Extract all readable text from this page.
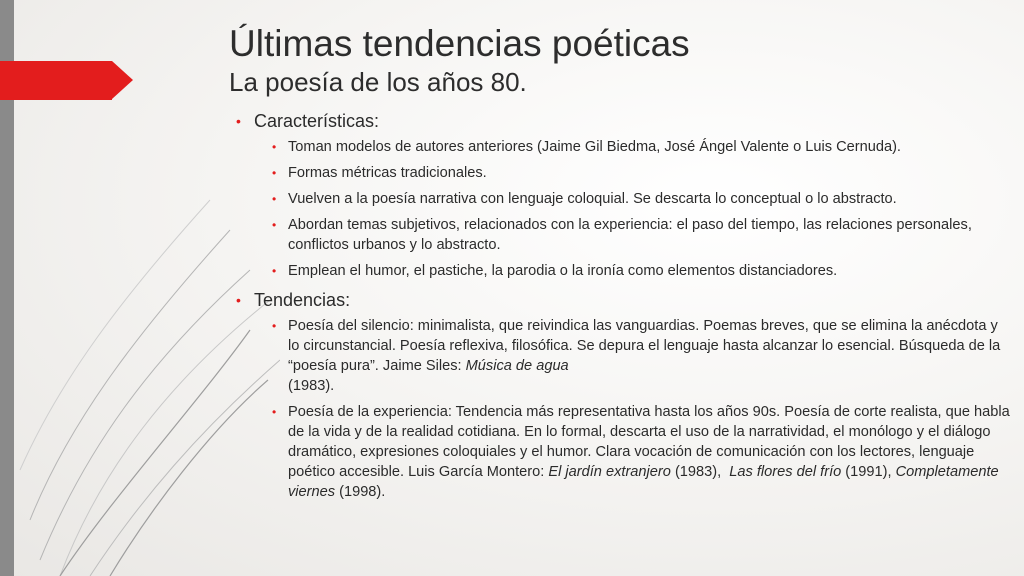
Últimas tendencias poéticas
La poesía de los años 80.
• Características:
• Toman modelos de autores anteriores (Jaime Gil Biedma, José Ángel Valente o Luis Cernuda).
• Formas métricas tradicionales.
• Vuelven a la poesía narrativa con lenguaje coloquial. Se descarta lo conceptual o lo abstracto.
• Abordan temas subjetivos, relacionados con la experiencia: el paso del tiempo, las relaciones personales, conflictos urbanos y lo abstracto.
• Emplean el humor, el pastiche, la parodia o la ironía como elementos distanciadores.
• Tendencias:
• Poesía del silencio: minimalista, que reivindica las vanguardias. Poemas breves, que se elimina la anécdota y lo circunstancial. Poesía reflexiva, filosófica. Se depura el lenguaje hasta alcanzar lo esencial. Búsqueda de la “poesía pura”. Jaime Siles: Música de agua
(1983).
• Poesía de la experiencia: Tendencia más representativa hasta los años 90s. Poesía de corte realista, que habla de la vida y de la realidad cotidiana. En lo formal, descarta el uso de la narratividad, el monólogo y el diálogo dramático, expresiones coloquiales y el humor. Clara vocación de comunicación con los lectores, lenguaje poético accesible. Luis García Montero: El jardín extranjero (1983),  Las flores del frío (1991), Completamente viernes (1998).
